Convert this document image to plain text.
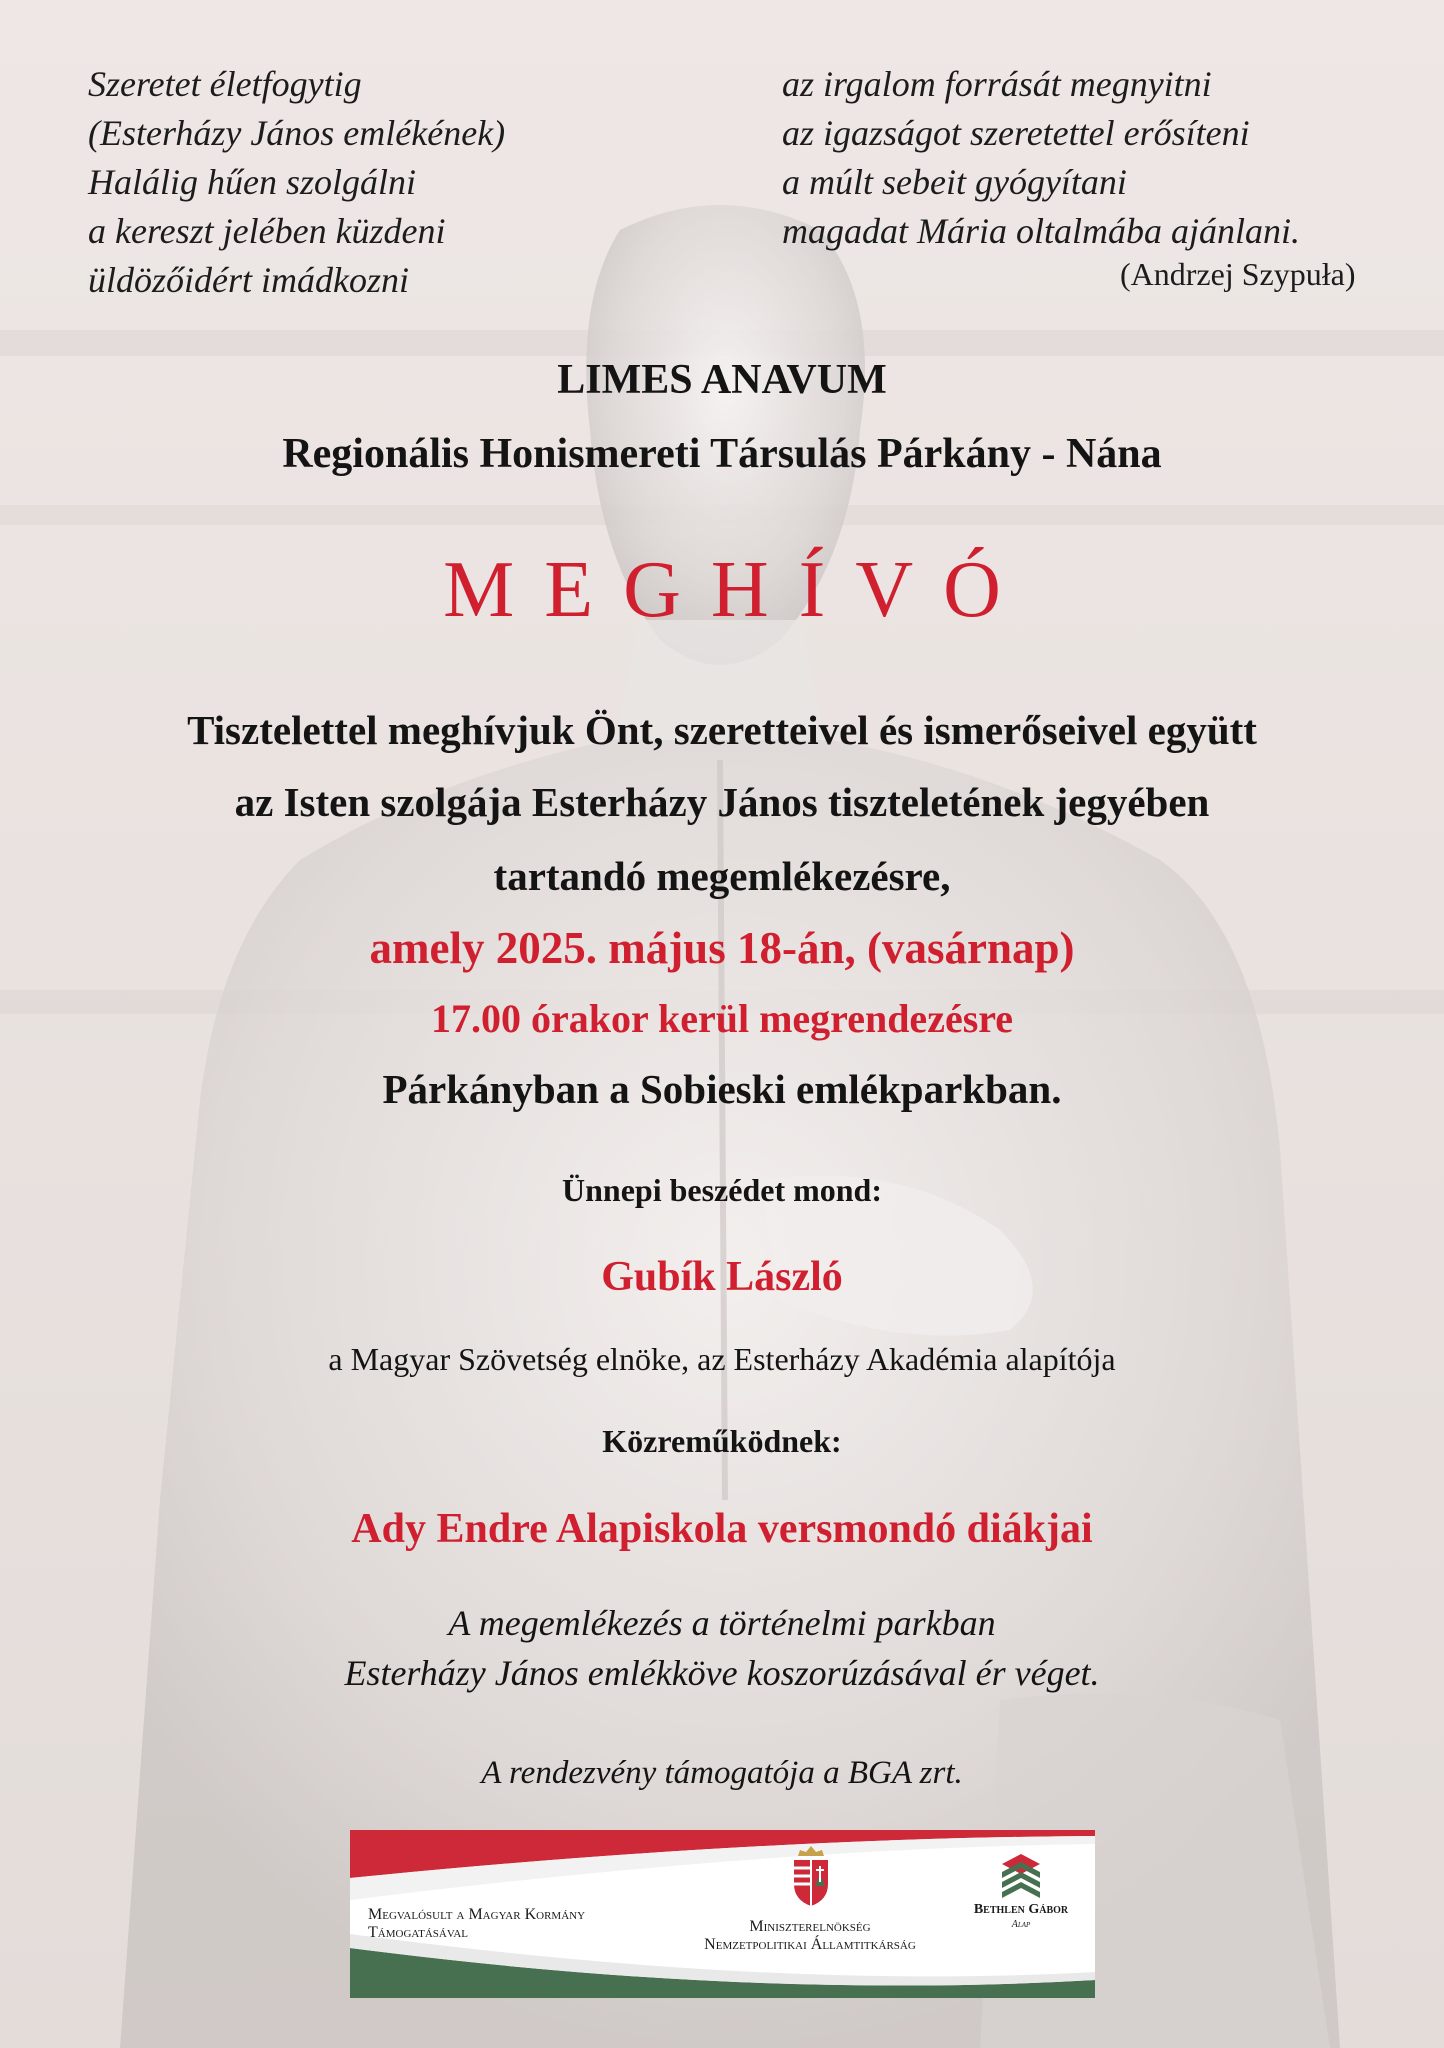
Szeretet életfogytig
(Esterházy János emlékének)
Halálig hűen szolgálni
a kereszt jelében küzdeni
üldözőidért imádkozni
az irgalom forrását megnyitni
az igazságot szeretettel erősíteni
a múlt sebeit gyógyítani
magadat Mária oltalmába ajánlani.
(Andrzej Szypuła)
LIMES ANAVUM
Regionális Honismereti Társulás Párkány - Nána
MEGHÍVÓ
Tisztelettel meghívjuk Önt, szeretteivel és ismerőseivel együtt
az Isten szolgája Esterházy János tiszteletének jegyében
tartandó megemlékezésre,
amely 2025. május 18-án, (vasárnap)
17.00 órakor kerül megrendezésre
Párkányban a Sobieski emlékparkban.
Ünnepi beszédet mond:
Gubík László
a Magyar Szövetség elnöke, az Esterházy Akadémia alapítója
Közreműködnek:
Ady Endre Alapiskola versmondó diákjai
A megemlékezés a történelmi parkban
Esterházy János emlékköve koszorúzásával ér véget.
A rendezvény támogatója a BGA zrt.
Megvalósult a Magyar Kormány
Támogatásával	Miniszterelnökség
Nemzetpolitikai Államtitkárság
Bethlen Gábor
Alap
